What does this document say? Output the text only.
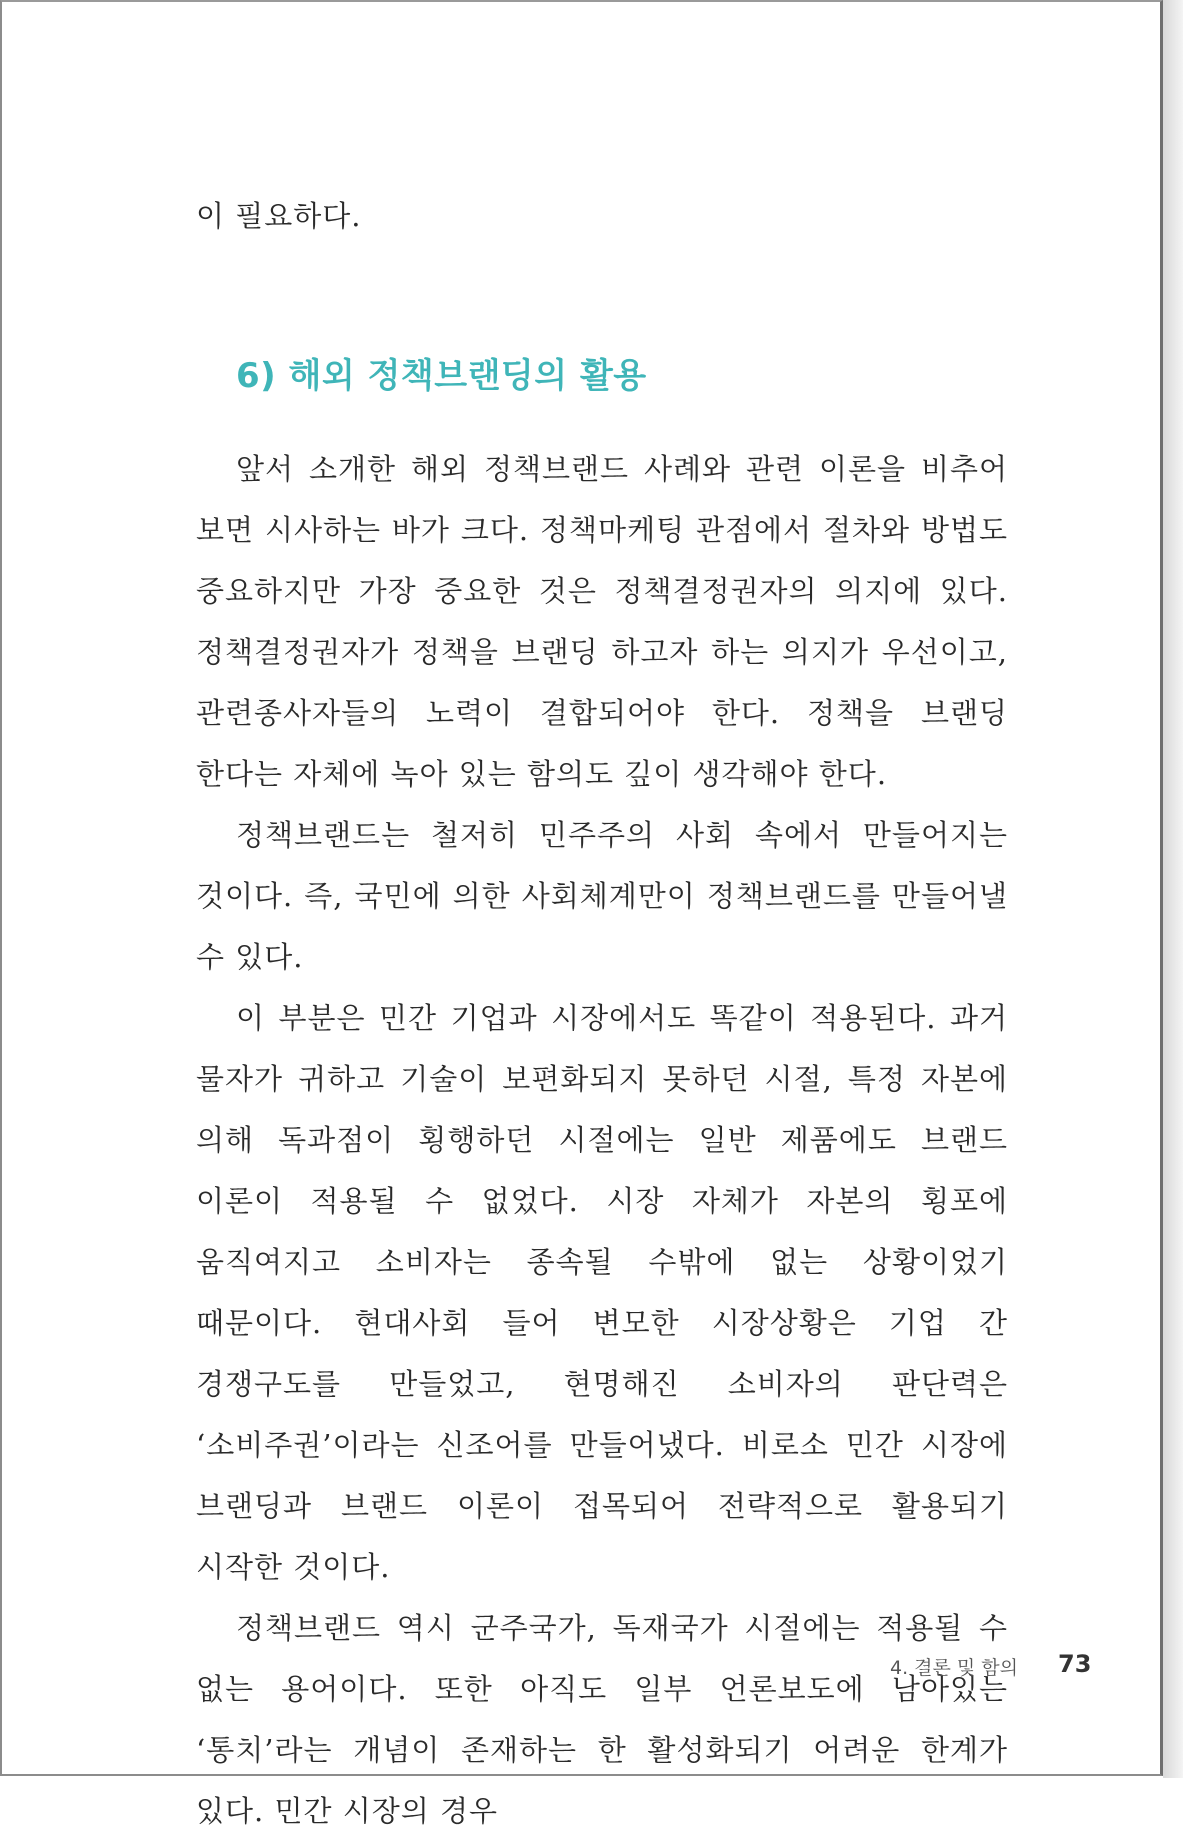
이 필요하다.

6) 해외 정책브랜딩의 활용

앞서 소개한 해외 정책브랜드 사례와 관련 이론을 비추어 보면 시사하는 바가 크다. 정책마케팅 관점에서 절차와 방법도 중요하지만 가장 중요한 것은 정책결정권자의 의지에 있다. 정책결정권자가 정책을 브랜딩 하고자 하는 의지가 우선이고, 관련종사자들의 노력이 결합되어야 한다. 정책을 브랜딩 한다는 자체에 녹아 있는 함의도 깊이 생각해야 한다.

정책브랜드는 철저히 민주주의 사회 속에서 만들어지는 것이다. 즉, 국민에 의한 사회체계만이 정책브랜드를 만들어낼 수 있다.

이 부분은 민간 기업과 시장에서도 똑같이 적용된다. 과거 물자가 귀하고 기술이 보편화되지 못하던 시절, 특정 자본에 의해 독과점이 횡행하던 시절에는 일반 제품에도 브랜드 이론이 적용될 수 없었다. 시장 자체가 자본의 횡포에 움직여지고 소비자는 종속될 수밖에 없는 상황이었기 때문이다. 현대사회 들어 변모한 시장상황은 기업 간 경쟁구도를 만들었고, 현명해진 소비자의 판단력은 ‘소비주권’이라는 신조어를 만들어냈다. 비로소 민간 시장에 브랜딩과 브랜드 이론이 접목되어 전략적으로 활용되기 시작한 것이다.

정책브랜드 역시 군주국가, 독재국가 시절에는 적용될 수 없는 용어이다. 또한 아직도 일부 언론보도에 남아있는 ‘통치’라는 개념이 존재하는 한 활성화되기 어려운 한계가 있다. 민간 시장의 경우

4. 결론 및 함의 73
